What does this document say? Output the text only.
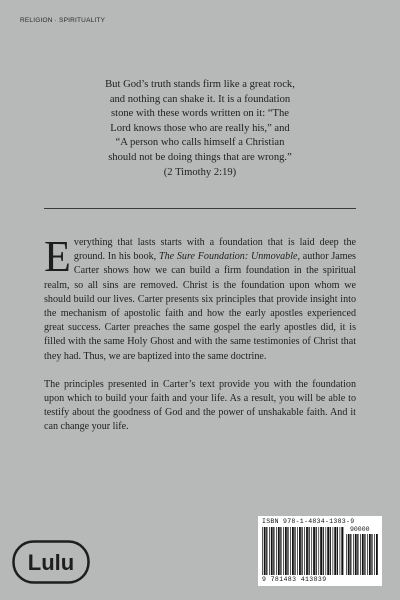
RELIGION · SPIRITUALITY

But God’s truth stands firm like a great rock,

and nothing can shake it. It is a foundation

stone with these words written on it: “The

Lord knows those who are really his,” and

“A person who calls himself a Christian

should not be doing things that are wrong.”

(2 Timothy 2:19)

Everything that lasts starts with a foundation that is laid deep the ground. In his book, The Sure Foundation: Unmovable, author James Carter shows how we can build a firm foundation in the spiritual realm, so all sins are removed. Christ is the foundation upon whom we should build our lives. Carter presents six principles that provide insight into the mechanism of apostolic faith and how the early apostles experienced great success. Carter preaches the same gospel the early apostles did, it is filled with the same Holy Ghost and with the same testimonies of Christ that they had. Thus, we are baptized into the same doctrine.

The principles presented in Carter’s text provide you with the foundation upon which to build your faith and your life. As a result, you will be able to testify about the goodness of God and the power of unshakable faith. And it can change your life.

ISBN 978-1-4834-1383-9
90000
9 781483 413839
Lulu
